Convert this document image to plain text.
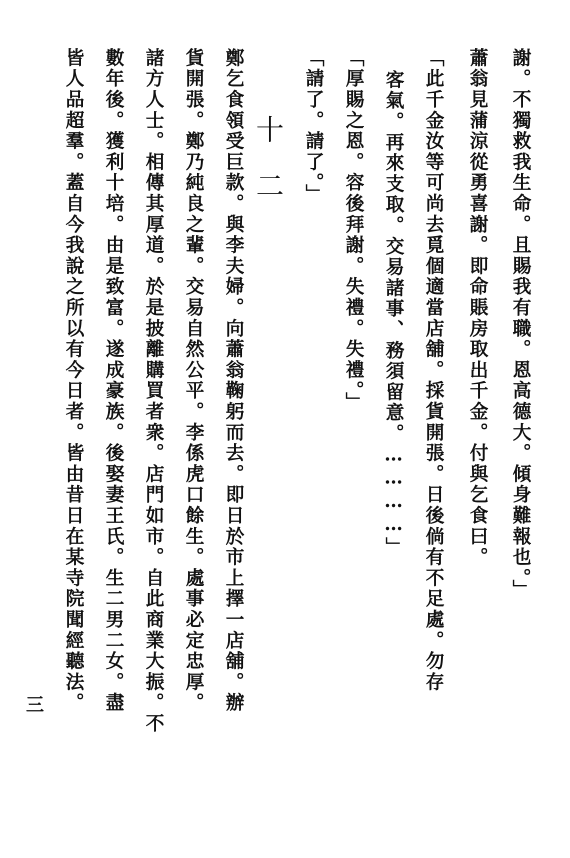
謝。不獨救我生命。且賜我有職。恩高德大。傾身難報也。」
蕭翁見蒲涼從勇喜謝。即命賬房取出千金。付與乞食曰。
「此千金汝等可尚去覓個適當店舖。採貨開張。日後倘有不足處。勿存
客氣。再來支取。交易諸事、務須留意。…………」
「厚賜之恩。容後拜謝。失禮。失禮。」
「請了。請了。」
十二
鄭乞食領受巨款。與李夫婦。向蕭翁鞠躬而去。即日於市上擇一店舖。辦
貨開張。鄭乃純良之輩。交易自然公平。李係虎口餘生。處事必定忠厚。
諸方人士。相傳其厚道。於是披離購買者衆。店門如市。自此商業大振。不
數年後。獲利十培。由是致富。遂成豪族。後娶妻王氏。生二男二女。盡
皆人品超羣。蓋自今我說之所以有今日者。皆由昔日在某寺院聞經聽法。
三
